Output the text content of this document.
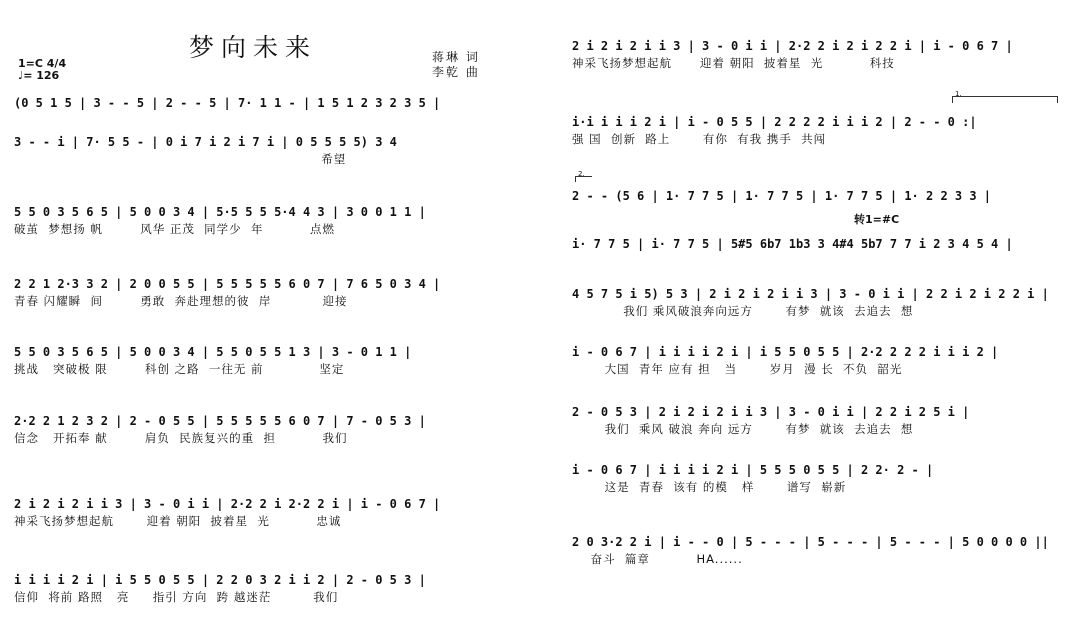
梦向未来
1=C 4/4
♩= 126
蒋琳 词
李乾 曲
(0 5 1 5 | 3 - - 5 | 2 - - 5 | 7· 1 1 - | 1 5 1 2 3 2 3 5 |
3 - - i | 7· 5 5 - | 0 i 7 i 2 i 7 i | 0 5 5 5 5) 3 4
希望
5 5 0 3 5 6 5 | 5 0 0 3 4 | 5·5 5 5 5·4 4 3 | 3 0 0 1 1 |
破茧  梦想扬 帆        风华 正茂  同学少  年          点燃
2 2 1 2·3 3 2 | 2 0 0 5 5 | 5 5 5 5 5 6 0 7 | 7 6 5 0 3 4 |
青春 闪耀瞬  间        勇敢  奔赴理想的彼  岸           迎接
5 5 0 3 5 6 5 | 5 0 0 3 4 | 5 5 0 5 5 1 3 | 3 - 0 1 1 |
挑战   突破极 限        科创 之路  一往无 前            坚定
2·2 2 1 2 3 2 | 2 - 0 5 5 | 5 5 5 5 5 6 0 7 | 7 - 0 5 3 |
信念   开拓奉 献        肩负  民族复兴的重  担          我们
2 i 2 i 2 i i 3 | 3 - 0 i i | 2·2 2 i 2·2 2 i | i - 0 6 7 |
神采飞扬梦想起航       迎着 朝阳  披着星  光          忠诚
i i i i 2 i | i 5 5 0 5 5 | 2 2 0 3 2 i i 2 | 2 - 0 5 3 |
信仰  将前 路照   亮     指引 方向  跨 越迷茫         我们
1.
2.
转1=#C
2 i 2 i 2 i i 3 | 3 - 0 i i | 2·2 2 i 2 i 2 2 i | i - 0 6 7 |
神采飞扬梦想起航      迎着 朝阳  披着星  光          科技
i·i i i i 2 i | i - 0 5 5 | 2 2 2 2 i i i 2 | 2 - - 0 :|
强 国  创新  路上       有你  有我 携手  共闯
2 - - (5 6 | 1· 7 7 5 | 1· 7 7 5 | 1· 7 7 5 | 1· 2 2 3 3 |
i· 7 7 5 | i· 7 7 5 | 5#5 6b7 1b3 3 4#4 5b7 7 7 i 2 3 4 5 4 |
4 5 7 5 i 5) 5 3 | 2 i 2 i 2 i i 3 | 3 - 0 i i | 2 2 i 2 i 2 2 i |
我们 乘风破浪奔向远方       有梦  就该  去追去  想
i - 0 6 7 | i i i i 2 i | i 5 5 0 5 5 | 2·2 2 2 2 i i i 2 |
大国  青年 应有 担   当       岁月  漫 长  不负  韶光
2 - 0 5 3 | 2 i 2 i 2 i i 3 | 3 - 0 i i | 2 2 i 2 5 i |
我们  乘风 破浪 奔向 远方       有梦  就该  去追去  想
i - 0 6 7 | i i i i 2 i | 5 5 5 0 5 5 | 2 2· 2 - |
这是  青春  该有 的模   样       谱写  崭新
2 0 3·2 2 i | i - - 0 | 5 - - - | 5 - - - | 5 - - - | 5 0 0 0 0 ||
奋斗  篇章          HA......
